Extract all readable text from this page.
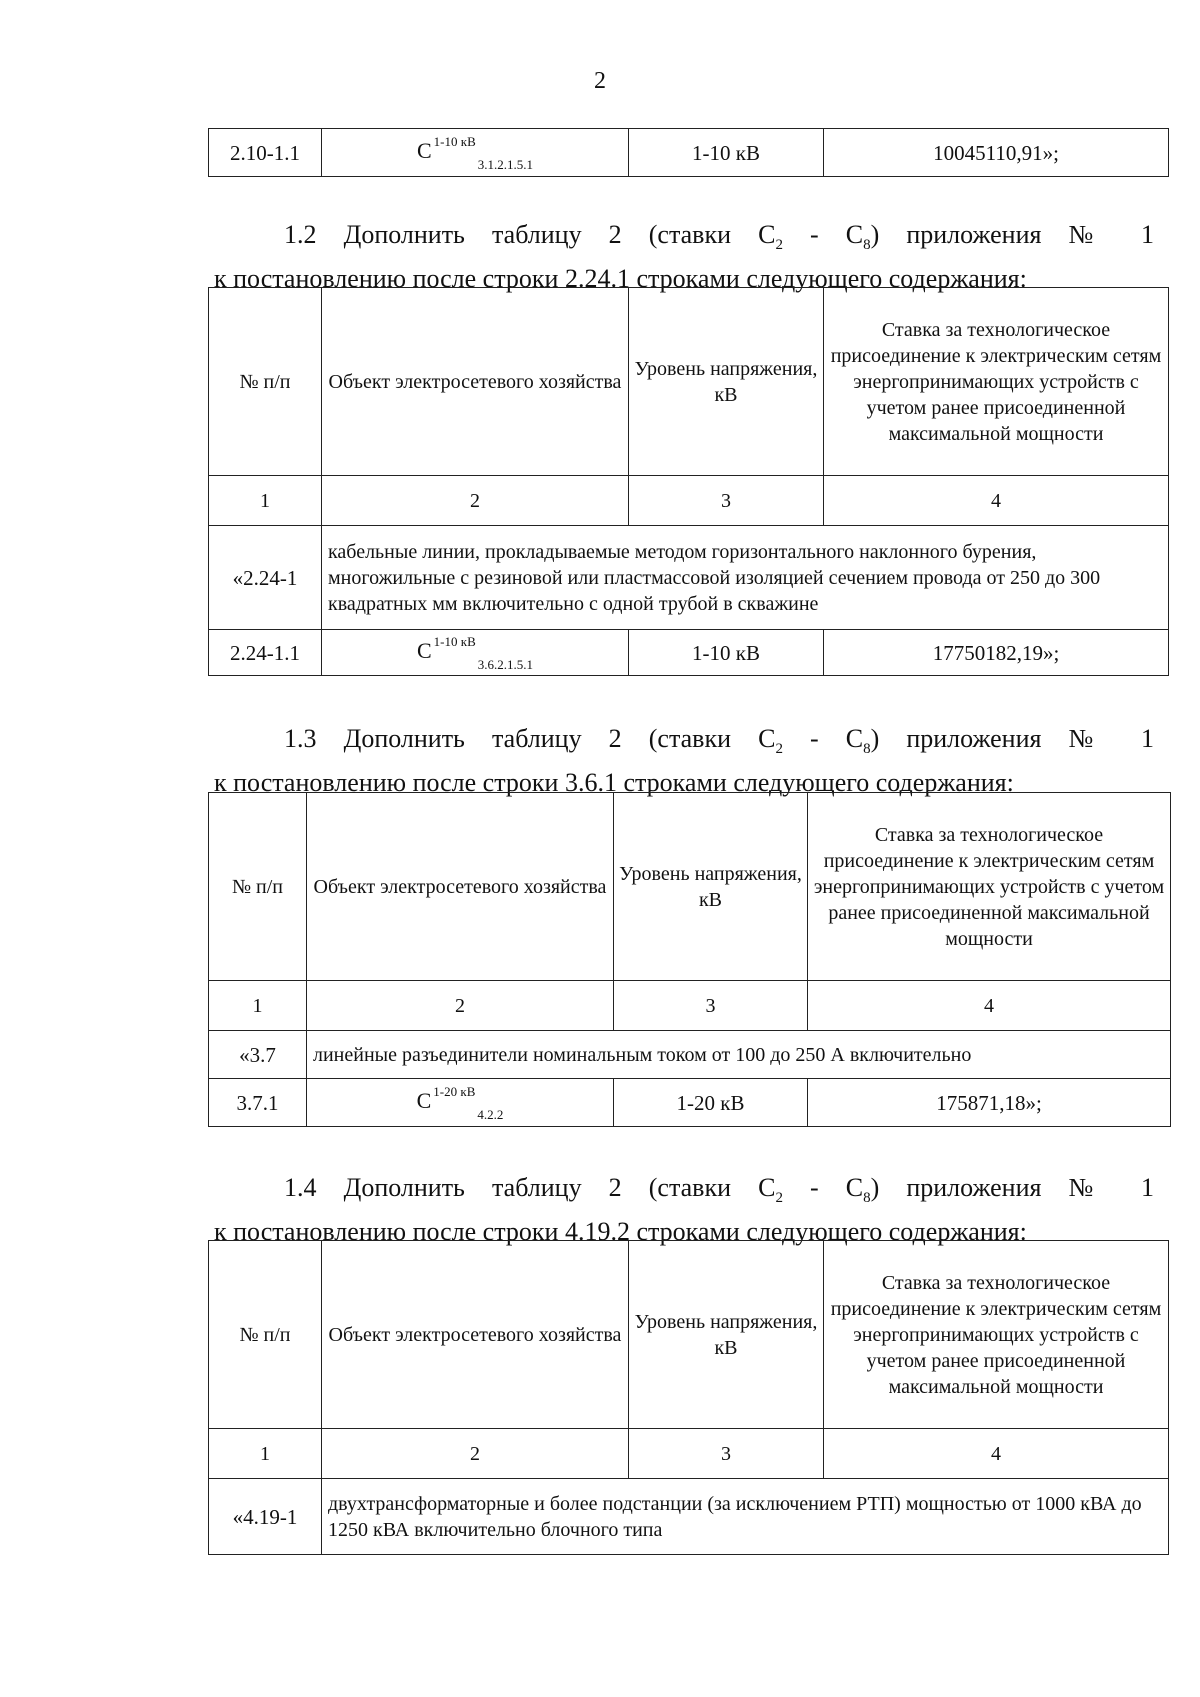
2
2.10-1.1	С $^{1-10 кВ}_{3.1.2.1.5.1}$	1-10 кВ	10045110,91»;
1.2 Дополнить таблицу 2 (ставки $С_2 - С_8$) приложения № 1
к постановлению после строки 2.24.1 строками следующего содержания:
№ п/п	Объект электросетевого хозяйства	Уровень напряжения, кВ	Ставка за технологическое присоединение к электрическим сетям энергопринимающих устройств с учетом ранее присоединенной максимальной мощности
1	2	3	4
«2.24-1	кабельные линии, прокладываемые методом горизонтального наклонного бурения, многожильные с резиновой или пластмассовой изоляцией сечением провода от 250 до 300 квадратных мм включительно с одной трубой в скважине		
2.24-1.1	С $^{1-10 кВ}_{3.6.2.1.5.1}$	1-10 кВ	17750182,19»;
1.3 Дополнить таблицу 2 (ставки $С_2 - С_8$) приложения № 1
к постановлению после строки 3.6.1 строками следующего содержания:
№ п/п	Объект электросетевого хозяйства	Уровень напряжения, кВ	Ставка за технологическое присоединение к электрическим сетям энергопринимающих устройств с учетом ранее присоединенной максимальной мощности
1	2	3	4
«3.7	линейные разъединители номинальным током от 100 до 250 А включительно		
3.7.1	С $^{1-20 кВ}_{4.2.2}$	1-20 кВ	175871,18»;
1.4 Дополнить таблицу 2 (ставки $С_2 - С_8$) приложения № 1
к постановлению после строки 4.19.2 строками следующего содержания:
№ п/п	Объект электросетевого хозяйства	Уровень напряжения, кВ	Ставка за технологическое присоединение к электрическим сетям энергопринимающих устройств с учетом ранее присоединенной максимальной мощности
1	2	3	4
«4.19-1	двухтрансформаторные и более подстанции (за исключением РТП) мощностью от 1000 кВА до 1250 кВА включительно блочного типа		
